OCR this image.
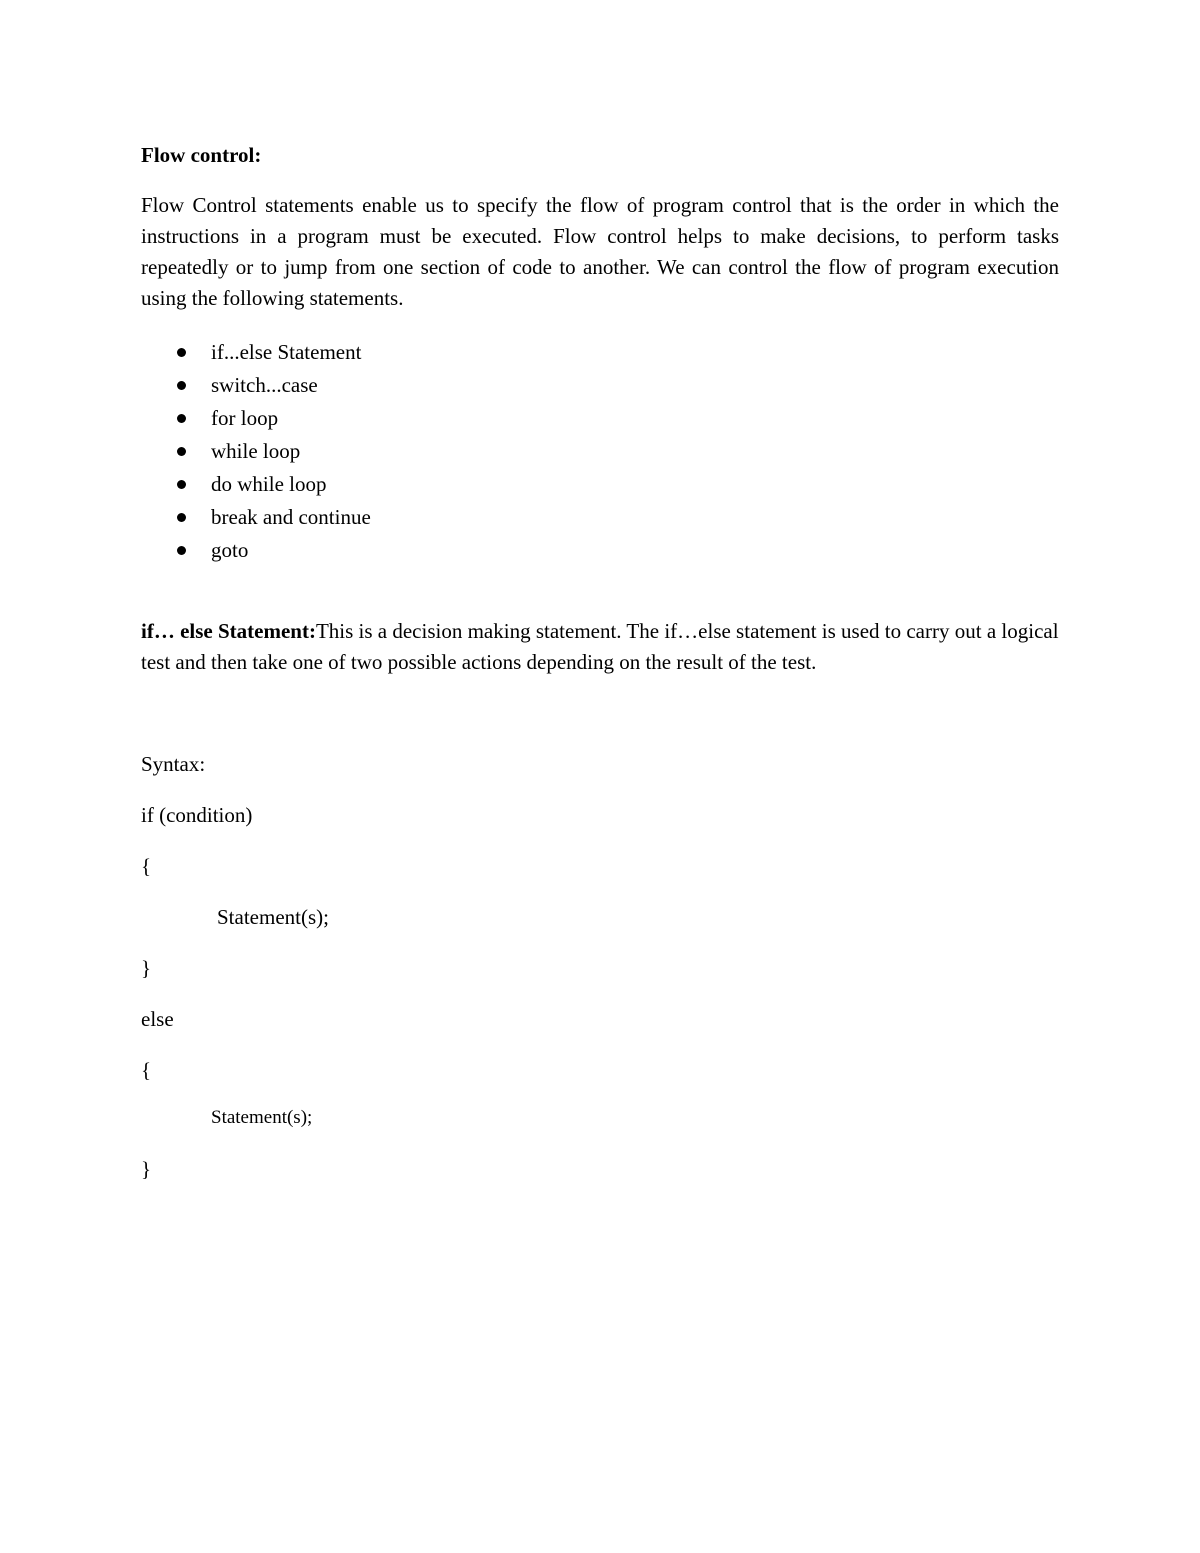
Flow control:
Flow Control statements enable us to specify the flow of program control that is the order in which the instructions in a program must be executed. Flow control helps to make decisions, to perform tasks repeatedly or to jump from one section of code to another. We can control the flow of program execution using the following statements.
if...else Statement
switch...case
for loop
while loop
do while loop
break and continue
goto
if… else Statement:This is a decision making statement. The if…else statement is used to carry out a logical test and then take one of two possible actions depending on the result of the test.
Syntax:
if (condition)
{
Statement(s);
}
else
{
Statement(s);
}
